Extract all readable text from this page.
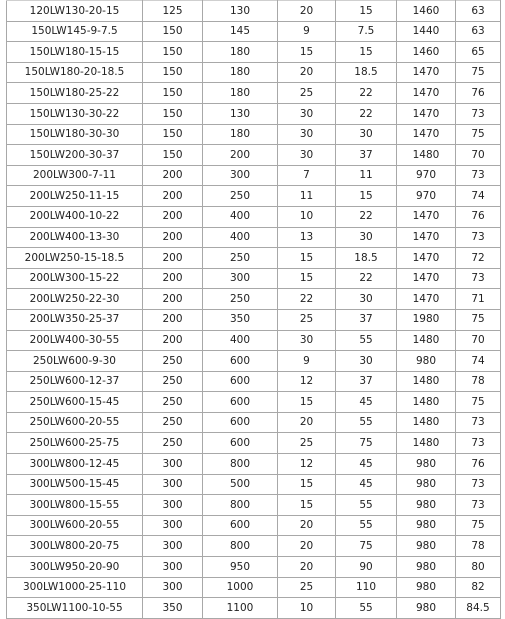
120LW130-20-15	125	130	20	15	1460	63
150LW145-9-7.5	150	145	9	7.5	1440	63
150LW180-15-15	150	180	15	15	1460	65
150LW180-20-18.5	150	180	20	18.5	1470	75
150LW180-25-22	150	180	25	22	1470	76
150LW130-30-22	150	130	30	22	1470	73
150LW180-30-30	150	180	30	30	1470	75
150LW200-30-37	150	200	30	37	1480	70
200LW300-7-11	200	300	7	11	970	73
200LW250-11-15	200	250	11	15	970	74
200LW400-10-22	200	400	10	22	1470	76
200LW400-13-30	200	400	13	30	1470	73
200LW250-15-18.5	200	250	15	18.5	1470	72
200LW300-15-22	200	300	15	22	1470	73
200LW250-22-30	200	250	22	30	1470	71
200LW350-25-37	200	350	25	37	1980	75
200LW400-30-55	200	400	30	55	1480	70
250LW600-9-30	250	600	9	30	980	74
250LW600-12-37	250	600	12	37	1480	78
250LW600-15-45	250	600	15	45	1480	75
250LW600-20-55	250	600	20	55	1480	73
250LW600-25-75	250	600	25	75	1480	73
300LW800-12-45	300	800	12	45	980	76
300LW500-15-45	300	500	15	45	980	73
300LW800-15-55	300	800	15	55	980	73
300LW600-20-55	300	600	20	55	980	75
300LW800-20-75	300	800	20	75	980	78
300LW950-20-90	300	950	20	90	980	80
300LW1000-25-110	300	1000	25	110	980	82
350LW1100-10-55	350	1100	10	55	980	84.5
